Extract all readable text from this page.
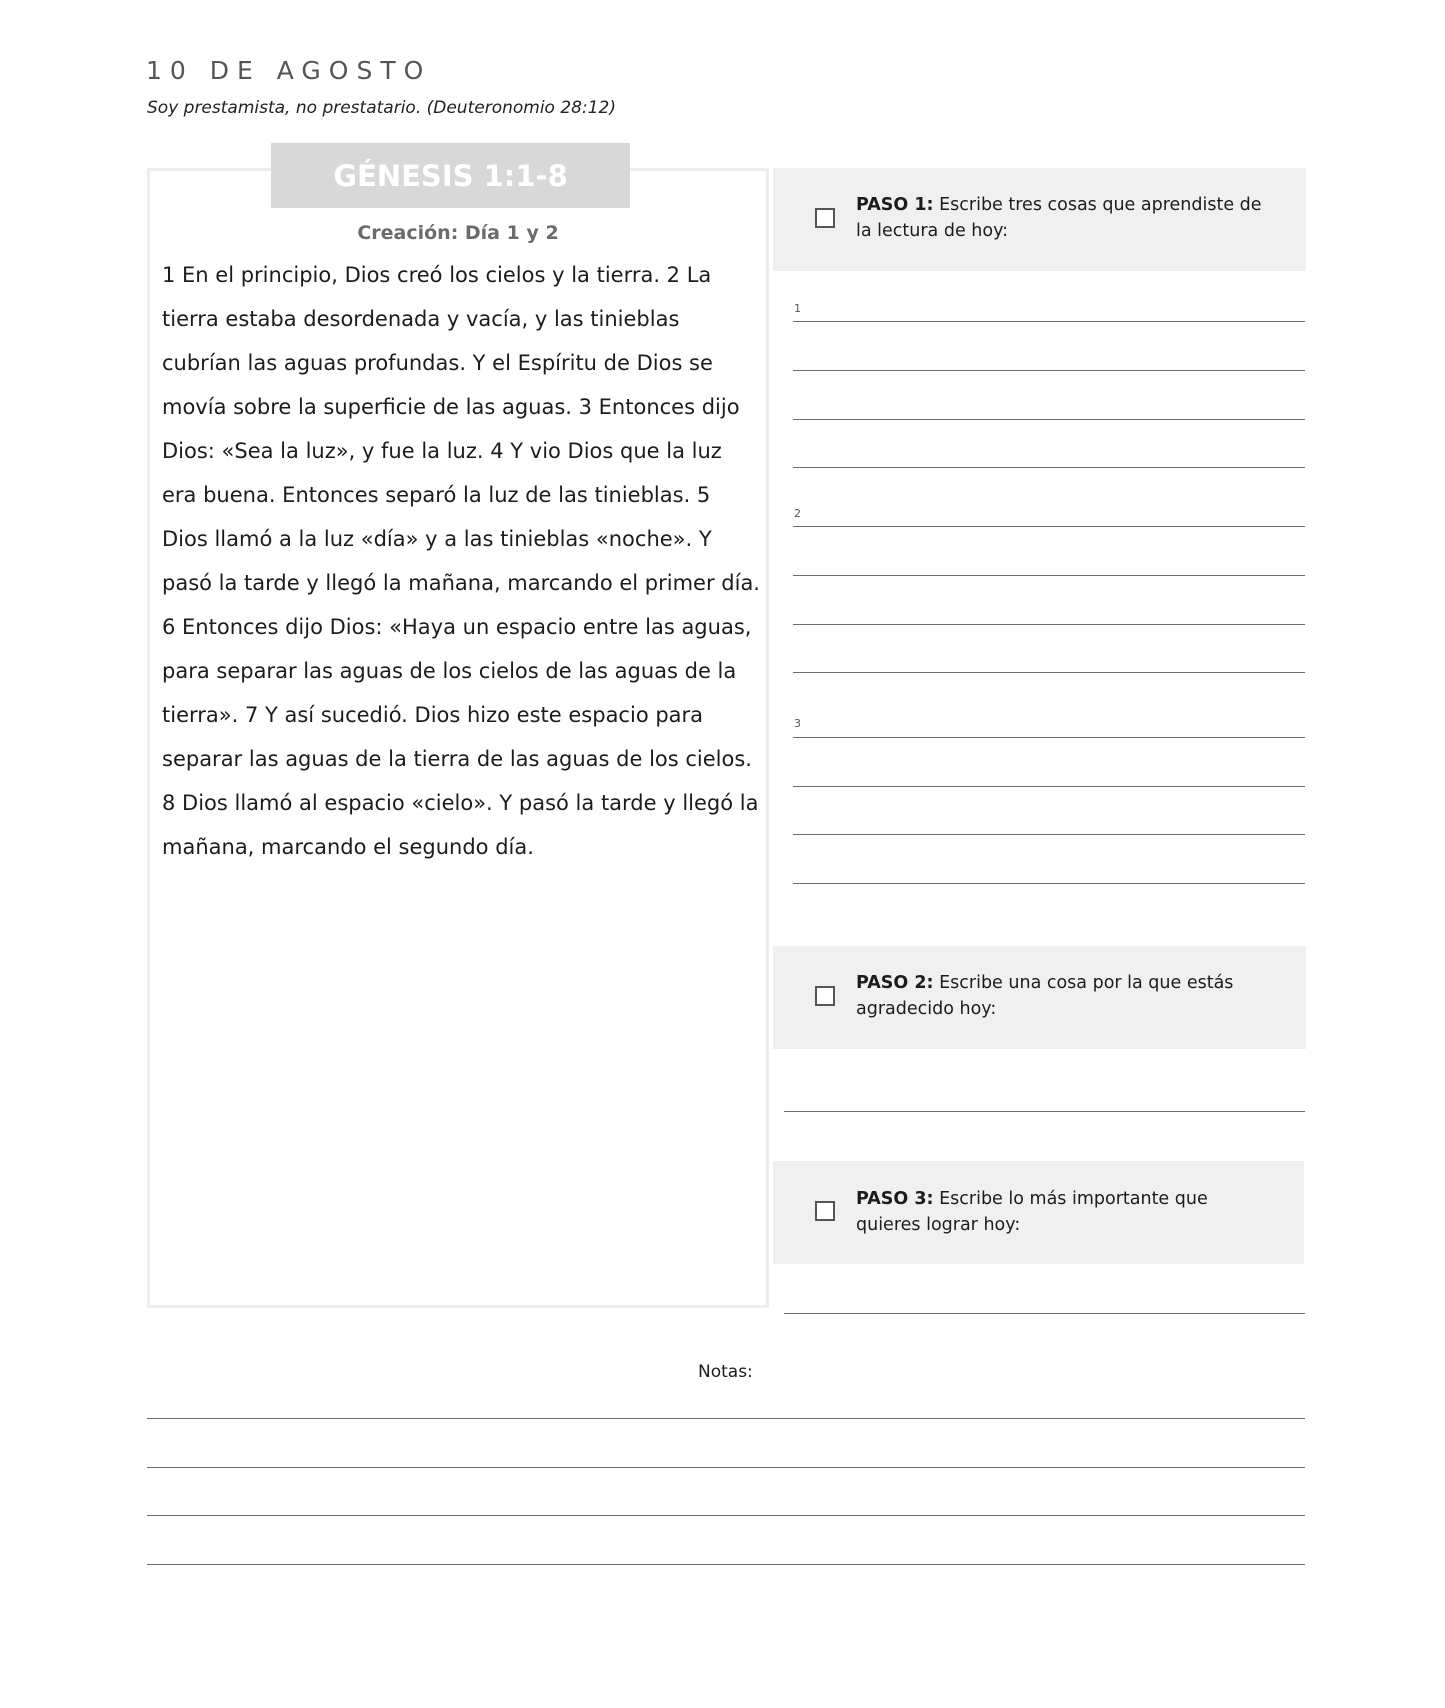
10 DE AGOSTO
Soy prestamista, no prestatario. (Deuteronomio 28:12)
GÉNESIS 1:1-8
Creación: Día 1 y 2

1 En el principio, Dios creó los cielos y la tierra. 2 La tierra estaba desordenada y vacía, y las tinieblas cubrían las aguas profundas. Y el Espíritu de Dios se movía sobre la superficie de las aguas. 3 Entonces dijo Dios: «Sea la luz», y fue la luz. 4 Y vio Dios que la luz era buena. Entonces separó la luz de las tinieblas. 5 Dios llamó a la luz «día» y a las tinieblas «noche». Y pasó la tarde y llegó la mañana, marcando el primer día. 6 Entonces dijo Dios: «Haya un espacio entre las aguas, para separar las aguas de los cielos de las aguas de la tierra». 7 Y así sucedió. Dios hizo este espacio para separar las aguas de la tierra de las aguas de los cielos. 8 Dios llamó al espacio «cielo». Y pasó la tarde y llegó la mañana, marcando el segundo día.

PASO 1: Escribe tres cosas que aprendiste de la lectura de hoy:
1
2
3
PASO 2: Escribe una cosa por la que estás agradecido hoy:
PASO 3: Escribe lo más importante que quieres lograr hoy:
Notas:
